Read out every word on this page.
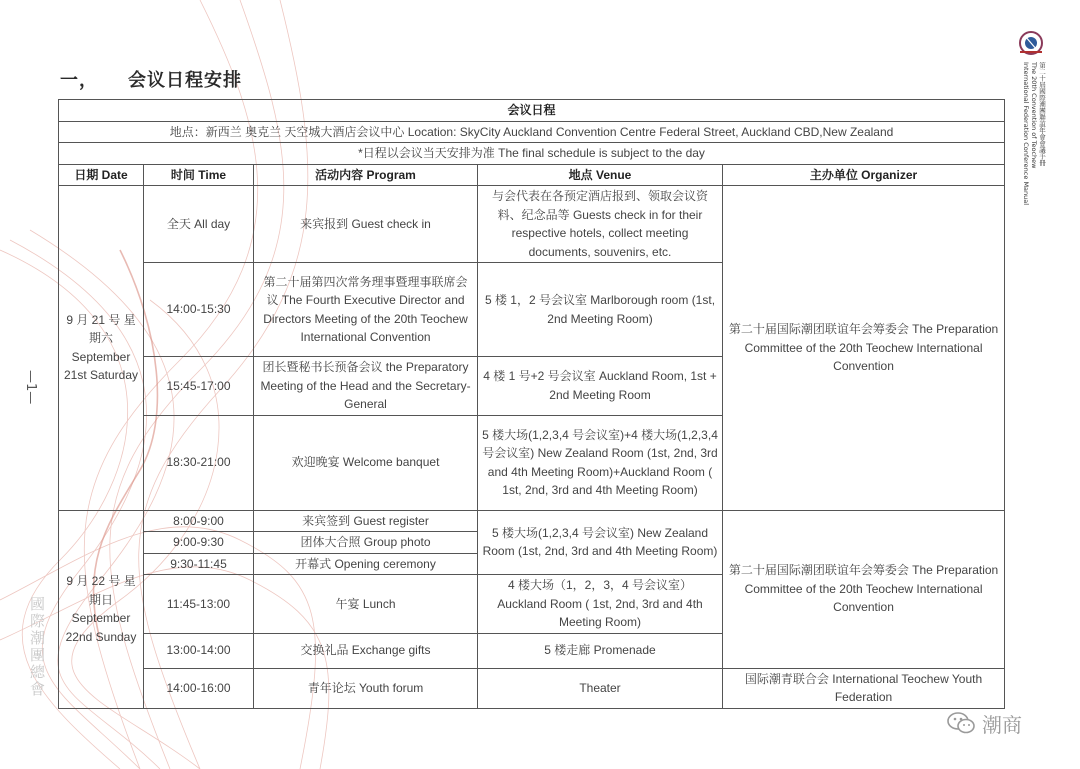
一， 会议日程安排
—1—
第二十屆國際潮團聯誼年會會議手冊
The 20th Convention of Teochew
International Federation Conference Manual
國際潮團總會
潮商
会议日程				
地点：新西兰 奥克兰 天空城大酒店会议中心 Location: SkyCity Auckland Convention Centre Federal Street, Auckland CBD,New Zealand				
*日程以会议当天安排为准 The final schedule is subject to the day				
日期 Date	时间 Time	活动内容 Program	地点 Venue	主办单位 Organizer
9 月 21 号 星期六 September 21st Saturday	全天 All day	来宾报到 Guest check in	与会代表在各预定酒店报到、领取会议资料、纪念品等 Guests check in for their respective hotels, collect meeting documents, souvenirs, etc.	第二十届国际潮团联谊年会筹委会 The Preparation Committee of the 20th Teochew International Convention
	14:00-15:30	第二十届第四次常务理事暨理事联席会议 The Fourth Executive Director and Directors Meeting of the 20th Teochew International Convention	5 楼 1，2 号会议室 Marlborough room (1st, 2nd Meeting Room)	
	15:45-17:00	团长暨秘书长预备会议 the Preparatory Meeting of the Head and the Secretary-General	4 楼 1 号+2 号会议室 Auckland Room, 1st + 2nd Meeting Room	
	18:30-21:00	欢迎晚宴 Welcome banquet	5 楼大场(1,2,3,4 号会议室)+4 楼大场(1,2,3,4 号会议室) New Zealand Room (1st, 2nd, 3rd and 4th Meeting Room)+Auckland Room ( 1st, 2nd, 3rd and 4th Meeting Room)	
9 月 22 号 星期日 September 22nd Sunday	8:00-9:00	来宾签到 Guest register	5 楼大场(1,2,3,4 号会议室) New Zealand Room (1st, 2nd, 3rd and 4th Meeting Room)	第二十届国际潮团联谊年会筹委会 The Preparation Committee of the 20th Teochew International Convention
	9:00-9:30	团体大合照 Group photo		
	9:30-11:45	开幕式 Opening ceremony		
	11:45-13:00	午宴 Lunch	4 楼大场（1，2，3，4 号会议室） Auckland Room ( 1st, 2nd, 3rd and 4th Meeting Room)	
	13:00-14:00	交换礼品 Exchange gifts	5 楼走廊 Promenade	
	14:00-16:00	青年论坛 Youth forum	Theater	国际潮青联合会 International Teochew Youth Federation
